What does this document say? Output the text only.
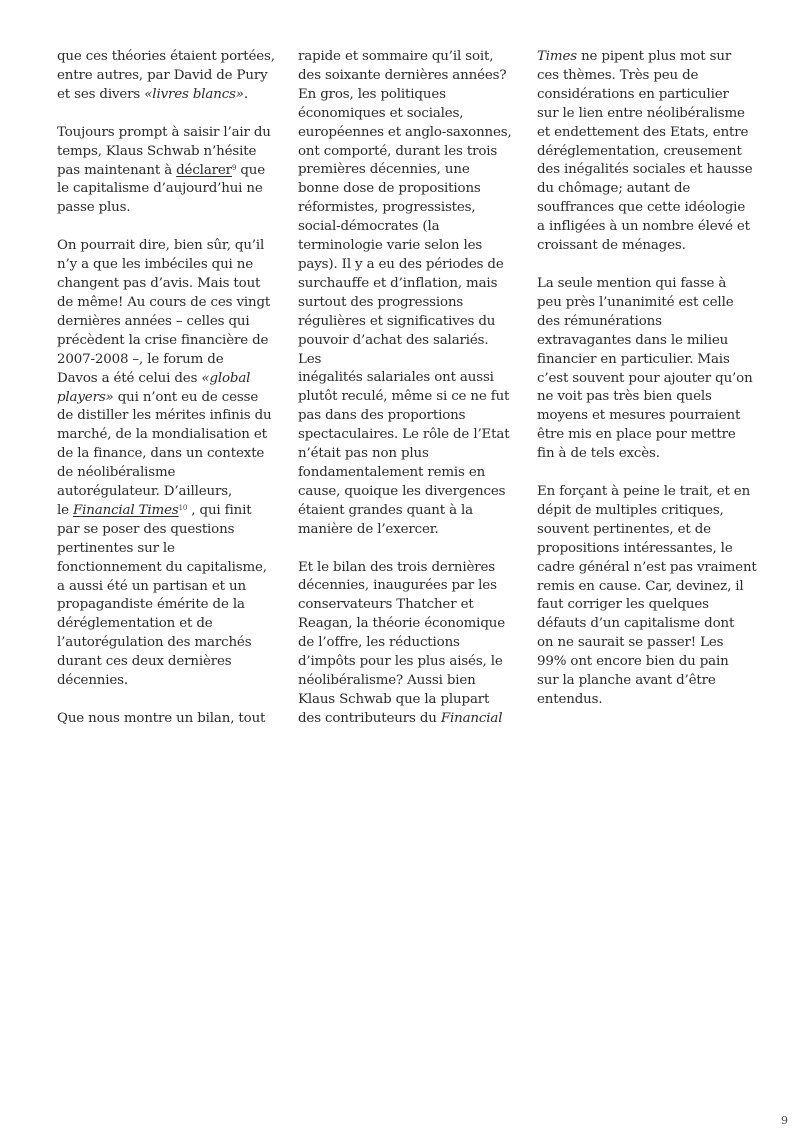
que ces théories étaient portées,
entre autres, par David de Pury
et ses divers «livres blancs».

Toujours prompt à saisir l’air du
temps, Klaus Schwab n’hésite
pas maintenant à déclarer$^9$ que
le capitalisme d’aujourd’hui ne
passe plus.

On pourrait dire, bien sûr, qu’il
n’y a que les imbéciles qui ne
changent pas d’avis. Mais tout
de même! Au cours de ces vingt
dernières années – celles qui
précèdent la crise financière de
2007-2008 –, le forum de
Davos a été celui des «global
players» qui n’ont eu de cesse
de distiller les mérites infinis du
marché, de la mondialisation et
de la finance, dans un contexte
de néolibéralisme
autorégulateur. D’ailleurs,
le Financial Times$^{10}$ , qui finit
par se poser des questions
pertinentes sur le
fonctionnement du capitalisme,
a aussi été un partisan et un
propagandiste émérite de la
déréglementation et de
l’autorégulation des marchés
durant ces deux dernières
décennies.

Que nous montre un bilan, tout

rapide et sommaire qu’il soit,
des soixante dernières années?
En gros, les politiques
économiques et sociales,
européennes et anglo-saxonnes,
ont comporté, durant les trois
premières décennies, une
bonne dose de propositions
réformistes, progressistes,
social-démocrates (la
terminologie varie selon les
pays). Il y a eu des périodes de
surchauffe et d’inflation, mais
surtout des progressions
régulières et significatives du
pouvoir d’achat des salariés. Les
inégalités salariales ont aussi
plutôt reculé, même si ce ne fut
pas dans des proportions
spectaculaires. Le rôle de l’Etat
n’était pas non plus
fondamentalement remis en
cause, quoique les divergences
étaient grandes quant à la
manière de l’exercer.

Et le bilan des trois dernières
décennies, inaugurées par les
conservateurs Thatcher et
Reagan, la théorie économique
de l’offre, les réductions
d’impôts pour les plus aisés, le
néolibéralisme? Aussi bien
Klaus Schwab que la plupart
des contributeurs du Financial

Times ne pipent plus mot sur
ces thèmes. Très peu de
considérations en particulier
sur le lien entre néolibéralisme
et endettement des Etats, entre
déréglementation, creusement
des inégalités sociales et hausse
du chômage; autant de
souffrances que cette idéologie
a infligées à un nombre élevé et
croissant de ménages.

La seule mention qui fasse à
peu près l’unanimité est celle
des rémunérations
extravagantes dans le milieu
financier en particulier. Mais
c’est souvent pour ajouter qu’on
ne voit pas très bien quels
moyens et mesures pourraient
être mis en place pour mettre
fin à de tels excès.

En forçant à peine le trait, et en
dépit de multiples critiques,
souvent pertinentes, et de
propositions intéressantes, le
cadre général n’est pas vraiment
remis en cause. Car, devinez, il
faut corriger les quelques
défauts d’un capitalisme dont
on ne saurait se passer! Les
99% ont encore bien du pain
sur la planche avant d’être
entendus.

9
